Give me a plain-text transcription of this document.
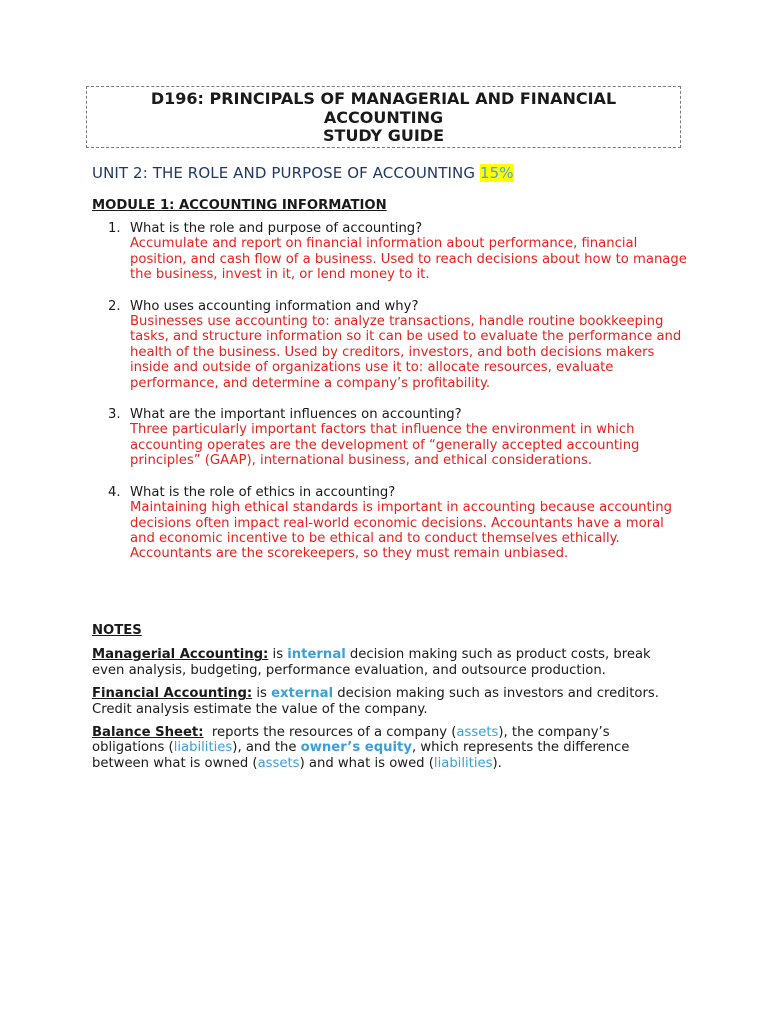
D196: PRINCIPALS OF MANAGERIAL AND FINANCIAL
ACCOUNTING
STUDY GUIDE
UNIT 2: THE ROLE AND PURPOSE OF ACCOUNTING 15%
MODULE 1: ACCOUNTING INFORMATION
1. What is the role and purpose of accounting?
Accumulate and report on financial information about performance, financial position, and cash flow of a business. Used to reach decisions about how to manage the business, invest in it, or lend money to it.
2. Who uses accounting information and why?
Businesses use accounting to: analyze transactions, handle routine bookkeeping tasks, and structure information so it can be used to evaluate the performance and health of the business. Used by creditors, investors, and both decisions makers inside and outside of organizations use it to: allocate resources, evaluate performance, and determine a company’s profitability.
3. What are the important influences on accounting?
Three particularly important factors that influence the environment in which accounting operates are the development of “generally accepted accounting principles” (GAAP), international business, and ethical considerations.
4. What is the role of ethics in accounting?
Maintaining high ethical standards is important in accounting because accounting decisions often impact real-world economic decisions. Accountants have a moral and economic incentive to be ethical and to conduct themselves ethically. Accountants are the scorekeepers, so they must remain unbiased.
NOTES

Managerial Accounting: is internal decision making such as product costs, break even analysis, budgeting, performance evaluation, and outsource production.

Financial Accounting: is external decision making such as investors and creditors. Credit analysis estimate the value of the company.

Balance Sheet:  reports the resources of a company (assets), the company’s obligations (liabilities), and the owner’s equity, which represents the difference between what is owned (assets) and what is owed (liabilities).
